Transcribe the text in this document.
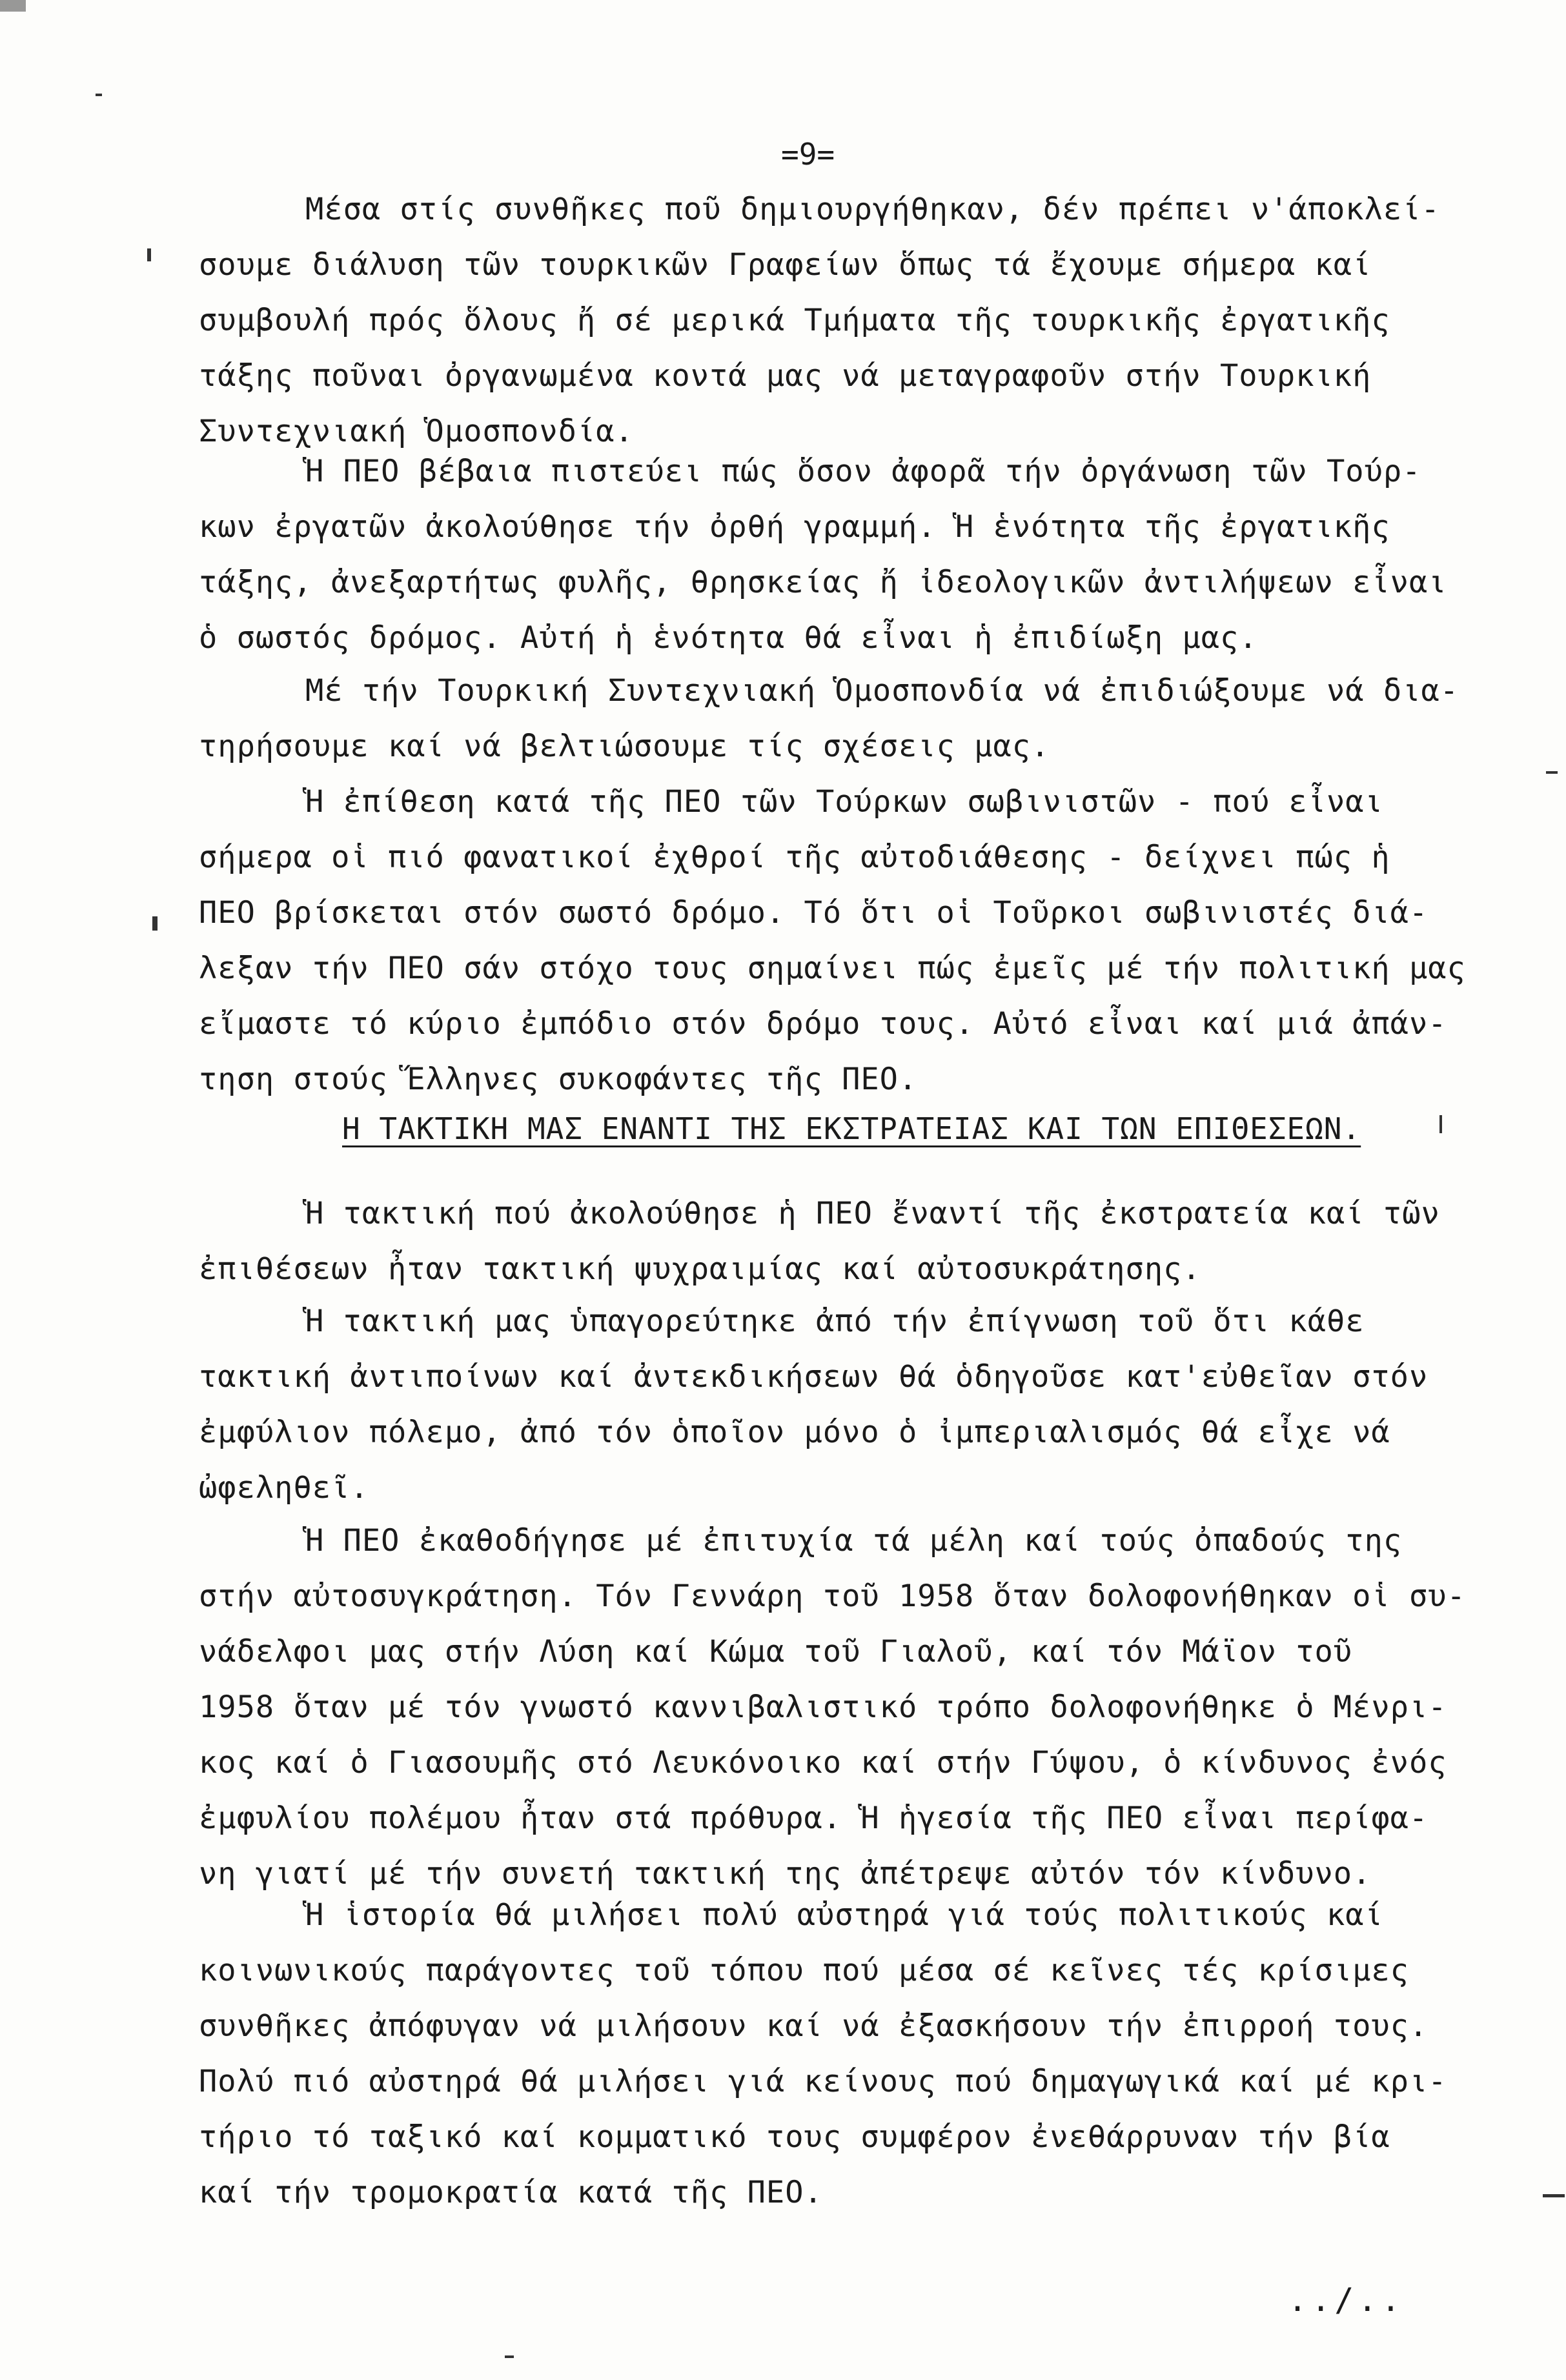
=9=
Μέσα στίς συνθῆκες ποῦ δημιουργήθηκαν, δέν πρέπει ν'άποκλεί-
σουμε διάλυση τῶν τουρκικῶν Γραφείων ὅπως τά ἔχουμε σήμερα καί
συμβουλή πρός ὅλους ἤ σέ μερικά Τμήματα τῆς τουρκικῆς ἐργατικῆς
τάξης ποῦναι ὀργανωμένα κοντά μας νά μεταγραφοῦν στήν Τουρκική
Συντεχνιακή Ὁμοσπονδία.
Ἡ ΠΕΟ βέβαια πιστεύει πώς ὅσον ἀφορᾶ τήν ὀργάνωση τῶν Τούρ-
κων ἐργατῶν ἀκολούθησε τήν ὀρθή γραμμή. Ἡ ἑνότητα τῆς ἐργατικῆς
τάξης, ἀνεξαρτήτως φυλῆς, θρησκείας ἤ ἰδεολογικῶν ἀντιλήψεων εἶναι
ὁ σωστός δρόμος. Αὐτή ἡ ἑνότητα θά εἶναι ἡ ἐπιδίωξη μας.
Μέ τήν Τουρκική Συντεχνιακή Ὁμοσπονδία νά ἐπιδιώξουμε νά δια-
τηρήσουμε καί νά βελτιώσουμε τίς σχέσεις μας.
Ἡ ἐπίθεση κατά τῆς ΠΕΟ τῶν Τούρκων σωβινιστῶν - πού εἶναι
σήμερα οἱ πιό φανατικοί ἐχθροί τῆς αὐτοδιάθεσης - δείχνει πώς ἡ
ΠΕΟ βρίσκεται στόν σωστό δρόμο. Τό ὅτι οἱ Τοῦρκοι σωβινιστές διά-
λεξαν τήν ΠΕΟ σάν στόχο τους σημαίνει πώς ἐμεῖς μέ τήν πολιτική μας
εἴμαστε τό κύριο ἐμπόδιο στόν δρόμο τους. Αὐτό εἶναι καί μιά ἀπάν-
τηση στούς Ἕλληνες συκοφάντες τῆς ΠΕΟ.
Η ΤΑΚΤΙΚΗ ΜΑΣ ΕΝΑΝΤΙ ΤΗΣ ΕΚΣΤΡΑΤΕΙΑΣ ΚΑΙ ΤΩΝ ΕΠΙΘΕΣΕΩΝ.
Ἡ τακτική πού ἀκολούθησε ἡ ΠΕΟ ἔναντί τῆς ἐκστρατεία καί τῶν
ἐπιθέσεων ἦταν τακτική ψυχραιμίας καί αὐτοσυκράτησης.
Ἡ τακτική μας ὑπαγορεύτηκε ἀπό τήν ἐπίγνωση τοῦ ὅτι κάθε
τακτική ἀντιποίνων καί ἀντεκδικήσεων θά ὁδηγοῦσε κατ'εὐθεῖαν στόν
ἐμφύλιον πόλεμο, ἀπό τόν ὁποῖον μόνο ὁ ἰμπεριαλισμός θά εἶχε νά
ὠφεληθεῖ.
Ἡ ΠΕΟ ἐκαθοδήγησε μέ ἐπιτυχία τά μέλη καί τούς ὀπαδούς της
στήν αὐτοσυγκράτηση. Τόν Γεννάρη τοῦ 1958 ὅταν δολοφονήθηκαν οἱ συ-
νάδελφοι μας στήν Λύση καί Κώμα τοῦ Γιαλοῦ, καί τόν Μάϊον τοῦ
1958 ὅταν μέ τόν γνωστό καννιβαλιστικό τρόπο δολοφονήθηκε ὁ Μένρι-
κος καί ὁ Γιασουμῆς στό Λευκόνοικο καί στήν Γύψου, ὁ κίνδυνος ἐνός
ἐμφυλίου πολέμου ἦταν στά πρόθυρα. Ἡ ἡγεσία τῆς ΠΕΟ εἶναι περίφα-
νη γιατί μέ τήν συνετή τακτική της ἀπέτρεψε αὐτόν τόν κίνδυνο.
Ἡ ἱστορία θά μιλήσει πολύ αὐστηρά γιά τούς πολιτικούς καί
κοινωνικούς παράγοντες τοῦ τόπου πού μέσα σέ κεῖνες τές κρίσιμες
συνθῆκες ἀπόφυγαν νά μιλήσουν καί νά ἐξασκήσουν τήν ἐπιρροή τους.
Πολύ πιό αὐστηρά θά μιλήσει γιά κείνους πού δημαγωγικά καί μέ κρι-
τήριο τό ταξικό καί κομματικό τους συμφέρον ἐνεθάρρυναν τήν βία
καί τήν τρομοκρατία κατά τῆς ΠΕΟ.
../..
